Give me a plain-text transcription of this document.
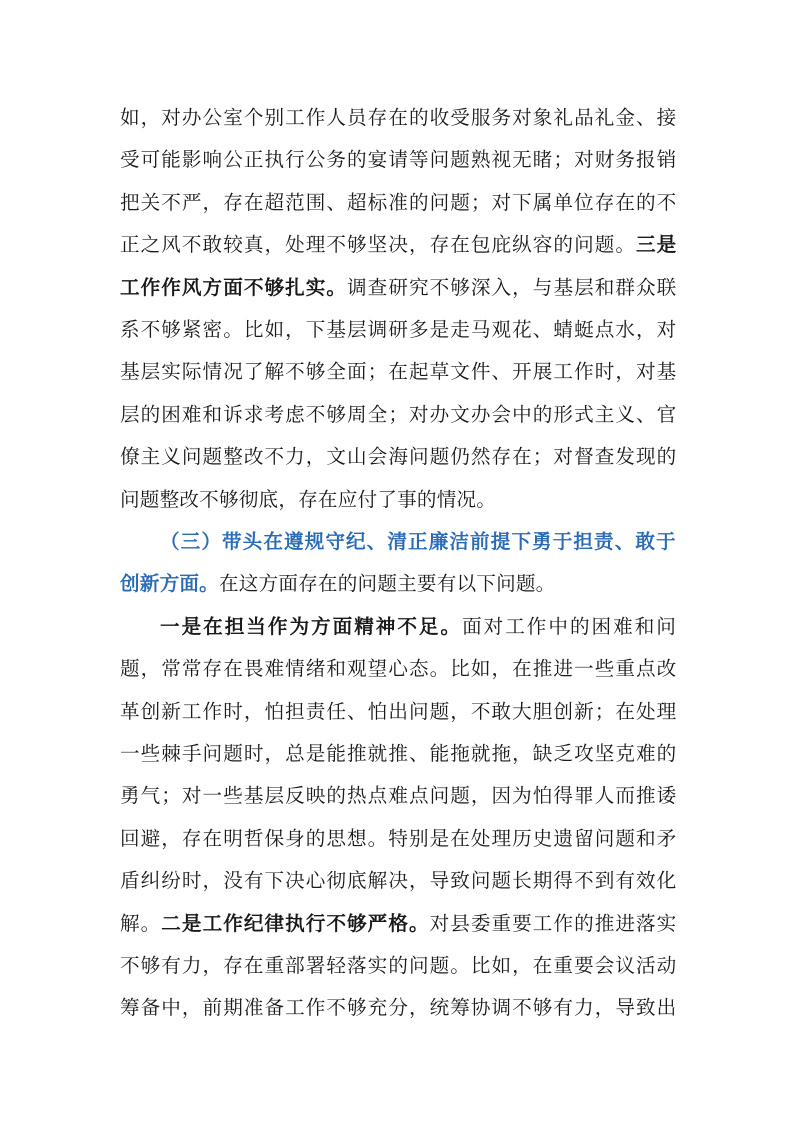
如，对办公室个别工作人员存在的收受服务对象礼品礼金、接
受可能影响公正执行公务的宴请等问题熟视无睹；对财务报销
把关不严，存在超范围、超标准的问题；对下属单位存在的不
正之风不敢较真，处理不够坚决，存在包庇纵容的问题。三是
工作作风方面不够扎实。调查研究不够深入，与基层和群众联
系不够紧密。比如，下基层调研多是走马观花、蜻蜓点水，对
基层实际情况了解不够全面；在起草文件、开展工作时，对基
层的困难和诉求考虑不够周全；对办文办会中的形式主义、官
僚主义问题整改不力，文山会海问题仍然存在；对督查发现的
问题整改不够彻底，存在应付了事的情况。
（三）带头在遵规守纪、清正廉洁前提下勇于担责、敢于
创新方面。在这方面存在的问题主要有以下问题。
一是在担当作为方面精神不足。面对工作中的困难和问
题，常常存在畏难情绪和观望心态。比如，在推进一些重点改
革创新工作时，怕担责任、怕出问题，不敢大胆创新；在处理
一些棘手问题时，总是能推就推、能拖就拖，缺乏攻坚克难的
勇气；对一些基层反映的热点难点问题，因为怕得罪人而推诿
回避，存在明哲保身的思想。特别是在处理历史遗留问题和矛
盾纠纷时，没有下决心彻底解决，导致问题长期得不到有效化
解。二是工作纪律执行不够严格。对县委重要工作的推进落实
不够有力，存在重部署轻落实的问题。比如，在重要会议活动
筹备中，前期准备工作不够充分，统筹协调不够有力，导致出
